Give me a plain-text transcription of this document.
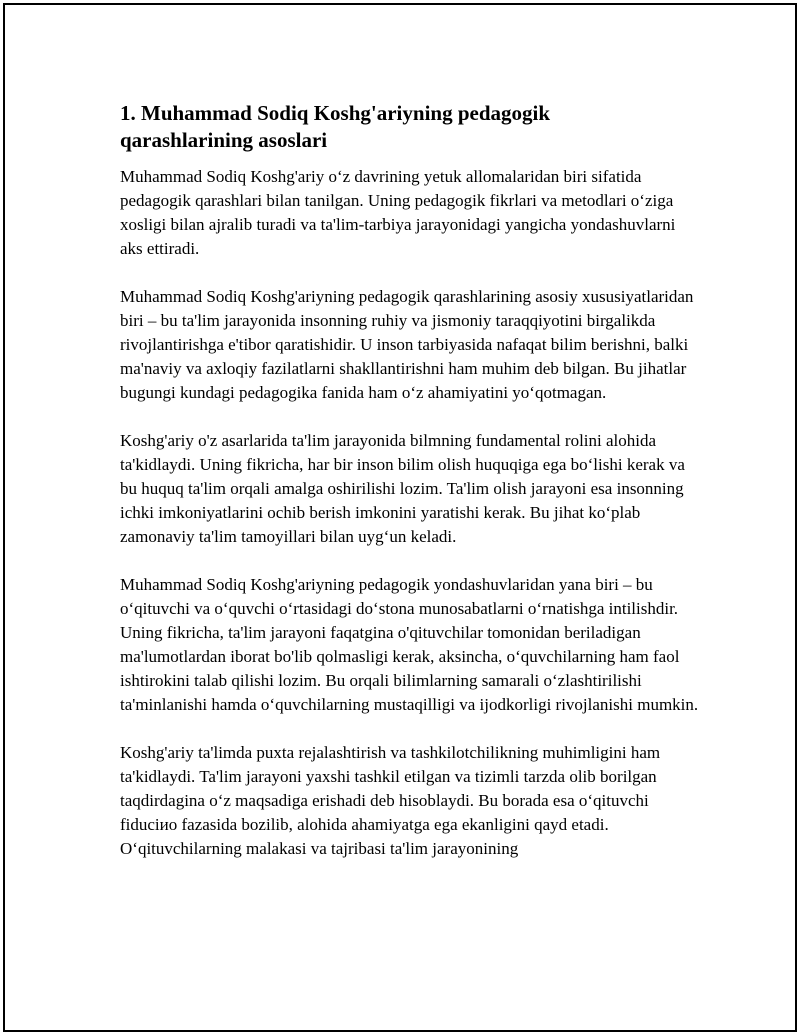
1. Muhammad Sodiq Koshg'ariyning pedagogik qarashlarining asoslari

Muhammad Sodiq Koshg'ariy o‘z davrining yetuk allomalaridan biri sifatida pedagogik qarashlari bilan tanilgan. Uning pedagogik fikrlari va metodlari o‘ziga xosligi bilan ajralib turadi va ta'lim-tarbiya jarayonidagi yangicha yondashuvlarni aks ettiradi.

Muhammad Sodiq Koshg'ariyning pedagogik qarashlarining asosiy xususiyatlaridan biri – bu ta'lim jarayonida insonning ruhiy va jismoniy taraqqiyotini birgalikda rivojlantirishga e'tibor qaratishidir. U inson tarbiyasida nafaqat bilim berishni, balki ma'naviy va axloqiy fazilatlarni shakllantirishni ham muhim deb bilgan. Bu jihatlar bugungi kundagi pedagogika fanida ham o‘z ahamiyatini yo‘qotmagan.

Koshg'ariy o'z asarlarida ta'lim jarayonida bilmning fundamental rolini alohida ta'kidlaydi. Uning fikricha, har bir inson bilim olish huquqiga ega bo‘lishi kerak va bu huquq ta'lim orqali amalga oshirilishi lozim. Ta'lim olish jarayoni esa insonning ichki imkoniyatlarini ochib berish imkonini yaratishi kerak. Bu jihat ko‘plab zamonaviy ta'lim tamoyillari bilan uyg‘un keladi.

Muhammad Sodiq Koshg'ariyning pedagogik yondashuvlaridan yana biri – bu o‘qituvchi va o‘quvchi o‘rtasidagi do‘stona munosabatlarni o‘rnatishga intilishdir. Uning fikricha, ta'lim jarayoni faqatgina o'qituvchilar tomonidan beriladigan ma'lumotlardan iborat bo'lib qolmasligi kerak, aksincha, o‘quvchilarning ham faol ishtirokini talab qilishi lozim. Bu orqali bilimlarning samarali o‘zlashtirilishi ta'minlanishi hamda o‘quvchilarning mustaqilligi va ijodkorligi rivojlanishi mumkin.

Koshg'ariy ta'limda puxta rejalashtirish va tashkilotchilikning muhimligini ham ta'kidlaydi. Ta'lim jarayoni yaxshi tashkil etilgan va tizimli tarzda olib borilgan taqdirdagina o‘z maqsadiga erishadi deb hisoblaydi. Bu borada esa o‘qituvchi fiduciио fazasida bozilib, alohida ahamiyatga ega ekanligini qayd etadi. O‘qituvchilarning malakasi va tajribasi ta'lim jarayonining
